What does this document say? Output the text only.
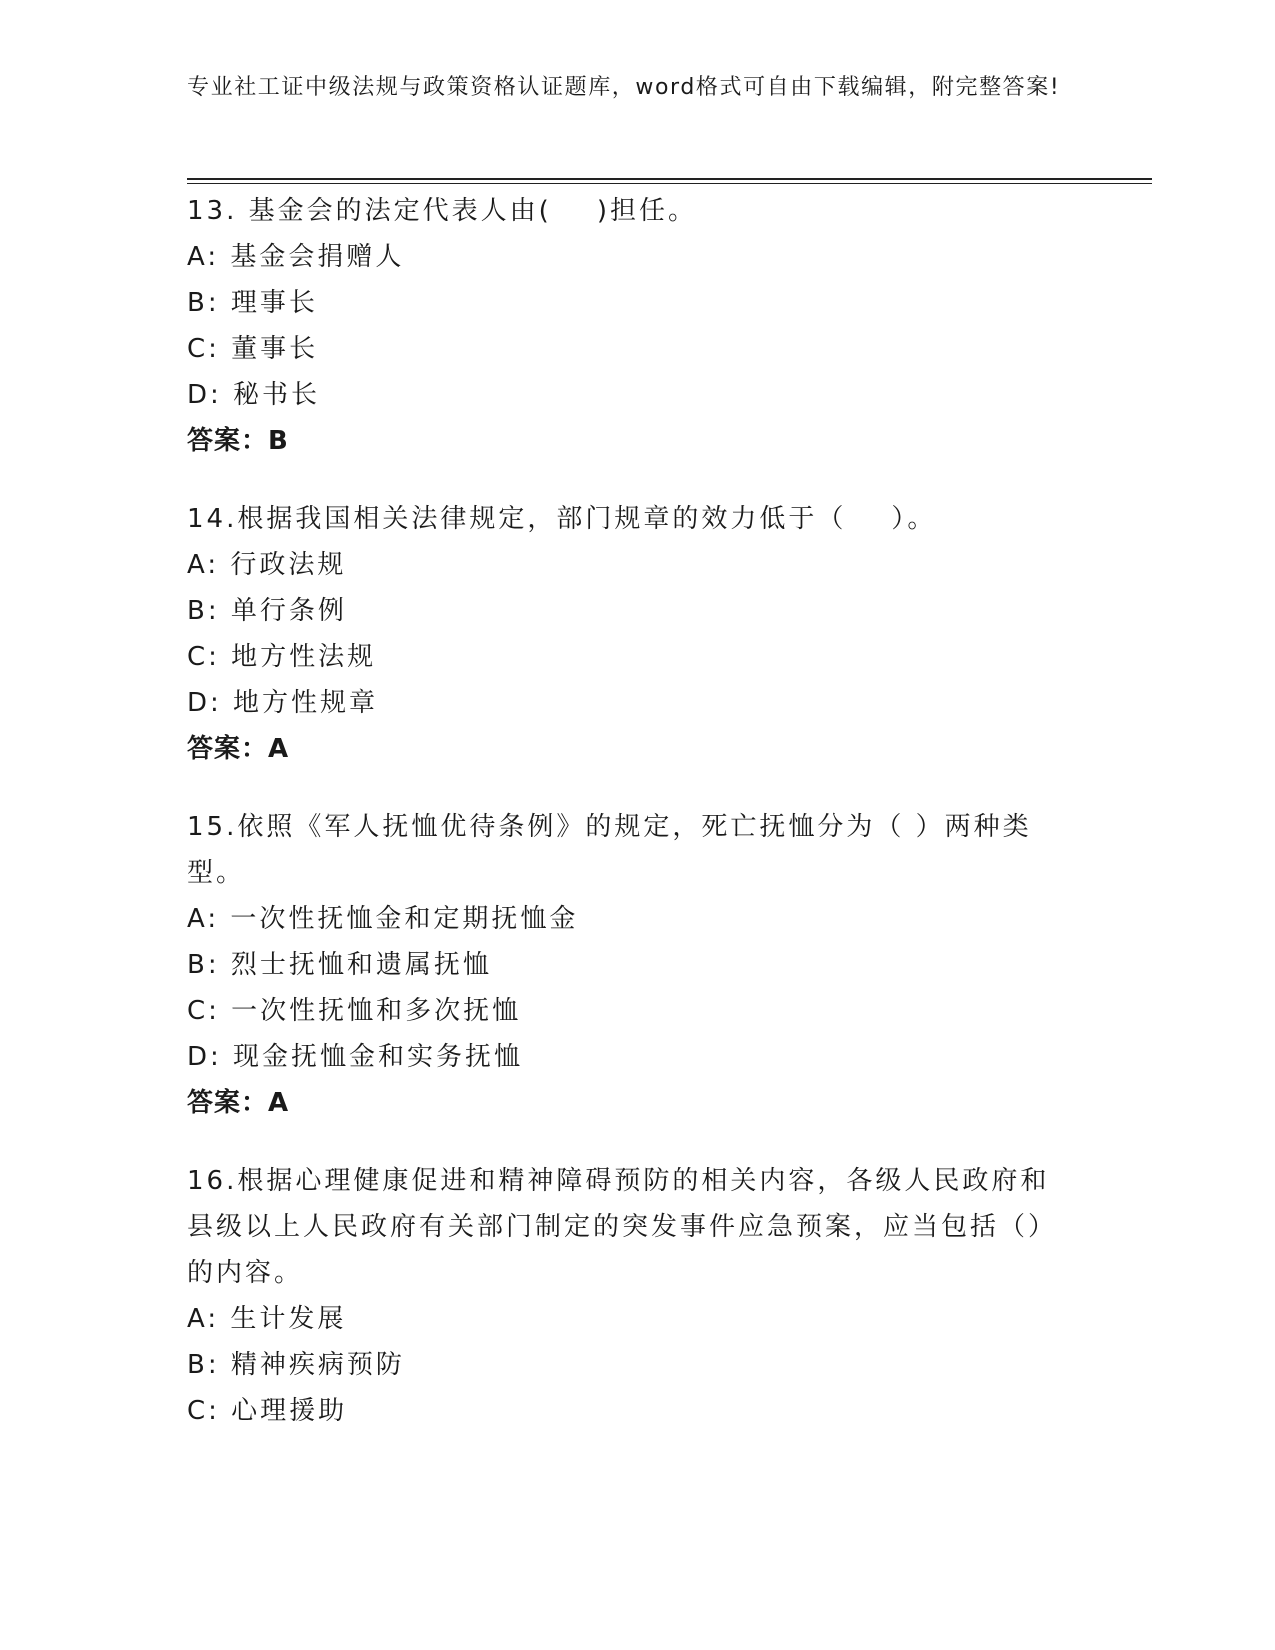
专业社工证中级法规与政策资格认证题库，word格式可自由下载编辑，附完整答案!
13. 基金会的法定代表人由(    )担任。
A: 基金会捐赠人
B: 理事长
C: 董事长
D: 秘书长
答案：B
14.根据我国相关法律规定，部门规章的效力低于（    ）。
A: 行政法规
B: 单行条例
C: 地方性法规
D: 地方性规章
答案：A
15.依照《军人抚恤优待条例》的规定，死亡抚恤分为（ ）两种类型。
A: 一次性抚恤金和定期抚恤金
B: 烈士抚恤和遗属抚恤
C: 一次性抚恤和多次抚恤
D: 现金抚恤金和实务抚恤
答案：A
16.根据心理健康促进和精神障碍预防的相关内容，各级人民政府和县级以上人民政府有关部门制定的突发事件应急预案，应当包括（）的内容。
A: 生计发展
B: 精神疾病预防
C: 心理援助
